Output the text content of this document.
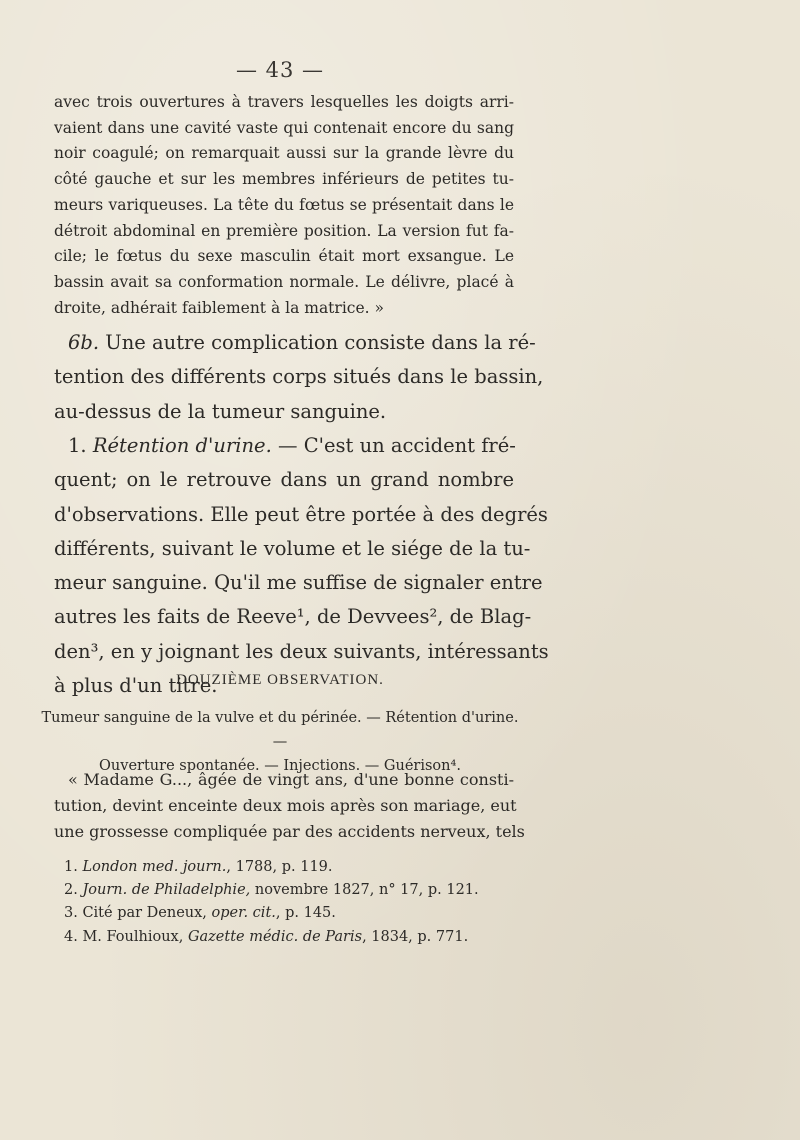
— 43 —
avec trois ouvertures à travers lesquelles les doigts arri-
vaient dans une cavité vaste qui contenait encore du sang
noir coagulé; on remarquait aussi sur la grande lèvre du
côté gauche et sur les membres inférieurs de petites tu-
meurs variqueuses. La tête du fœtus se présentait dans le
détroit abdominal en première position. La version fut fa-
cile; le fœtus du sexe masculin était mort exsangue. Le
bassin avait sa conformation normale. Le délivre, placé à
droite, adhérait faiblement à la matrice. »
6b. Une autre complication consiste dans la ré-
tention des différents corps situés dans le bassin,
au-dessus de la tumeur sanguine.
1. Rétention d'urine. — C'est un accident fré-
quent; on le retrouve dans un grand nombre
d'observations. Elle peut être portée à des degrés
différents, suivant le volume et le siége de la tu-
meur sanguine. Qu'il me suffise de signaler entre
autres les faits de Reeve¹, de Devvees², de Blag-
den³, en y joignant les deux suivants, intéressants
à plus d'un titre.
DOUZIÈME OBSERVATION.
Tumeur sanguine de la vulve et du périnée. — Rétention d'urine. —
Ouverture spontanée. — Injections. — Guérison⁴.
« Madame G..., âgée de vingt ans, d'une bonne consti-
tution, devint enceinte deux mois après son mariage, eut
une grossesse compliquée par des accidents nerveux, tels
1. London med. journ., 1788, p. 119.
2. Journ. de Philadelphie, novembre 1827, n° 17, p. 121.
3. Cité par Deneux, oper. cit., p. 145.
4. M. Foulhioux, Gazette médic. de Paris, 1834, p. 771.
